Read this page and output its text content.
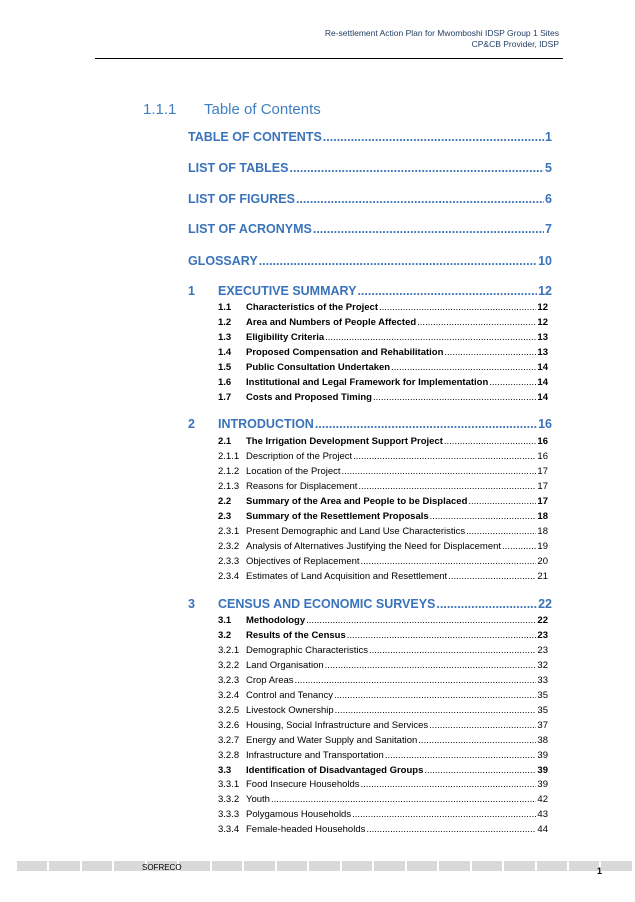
Re-settlement Action Plan for Mwomboshi IDSP Group 1 Sites
CP&CB Provider, IDSP
1.1.1 Table of Contents
TABLE OF CONTENTS .....	1
LIST OF TABLES .....	5
LIST OF FIGURES .....	6
LIST OF ACRONYMS .....	7
GLOSSARY .....	10
1 EXECUTIVE SUMMARY .....	12
1.1 Characteristics of the Project .....	12
1.2 Area and Numbers of People Affected .....	12
1.3 Eligibility Criteria .....	13
1.4 Proposed Compensation and Rehabilitation .....	13
1.5 Public Consultation Undertaken .....	14
1.6 Institutional and Legal Framework for Implementation .....	14
1.7 Costs and Proposed Timing .....	14
2 INTRODUCTION .....	16
2.1 The Irrigation Development Support Project .....	16
2.1.1 Description of the Project .....	16
2.1.2 Location of the Project .....	17
2.1.3 Reasons for Displacement .....	17
2.2 Summary of the Area and People to be Displaced .....	17
2.3 Summary of the Resettlement Proposals .....	18
2.3.1 Present Demographic and Land Use Characteristics .....	18
2.3.2 Analysis of Alternatives Justifying the Need for Displacement .....	19
2.3.3 Objectives of Replacement .....	20
2.3.4 Estimates of Land Acquisition and Resettlement .....	21
3 CENSUS AND ECONOMIC SURVEYS .....	22
3.1 Methodology .....	22
3.2 Results of the Census .....	23
3.2.1 Demographic Characteristics .....	23
3.2.2 Land Organisation .....	32
3.2.3 Crop Areas .....	33
3.2.4 Control and Tenancy .....	35
3.2.5 Livestock Ownership .....	35
3.2.6 Housing, Social Infrastructure and Services .....	37
3.2.7 Energy and Water Supply and Sanitation .....	38
3.2.8 Infrastructure and Transportation .....	39
3.3 Identification of Disadvantaged Groups .....	39
3.3.1 Food Insecure Households .....	39
3.3.2 Youth .....	42
3.3.3 Polygamous Households .....	43
3.3.4 Female-headed Households .....	44
SOFRECO	1
